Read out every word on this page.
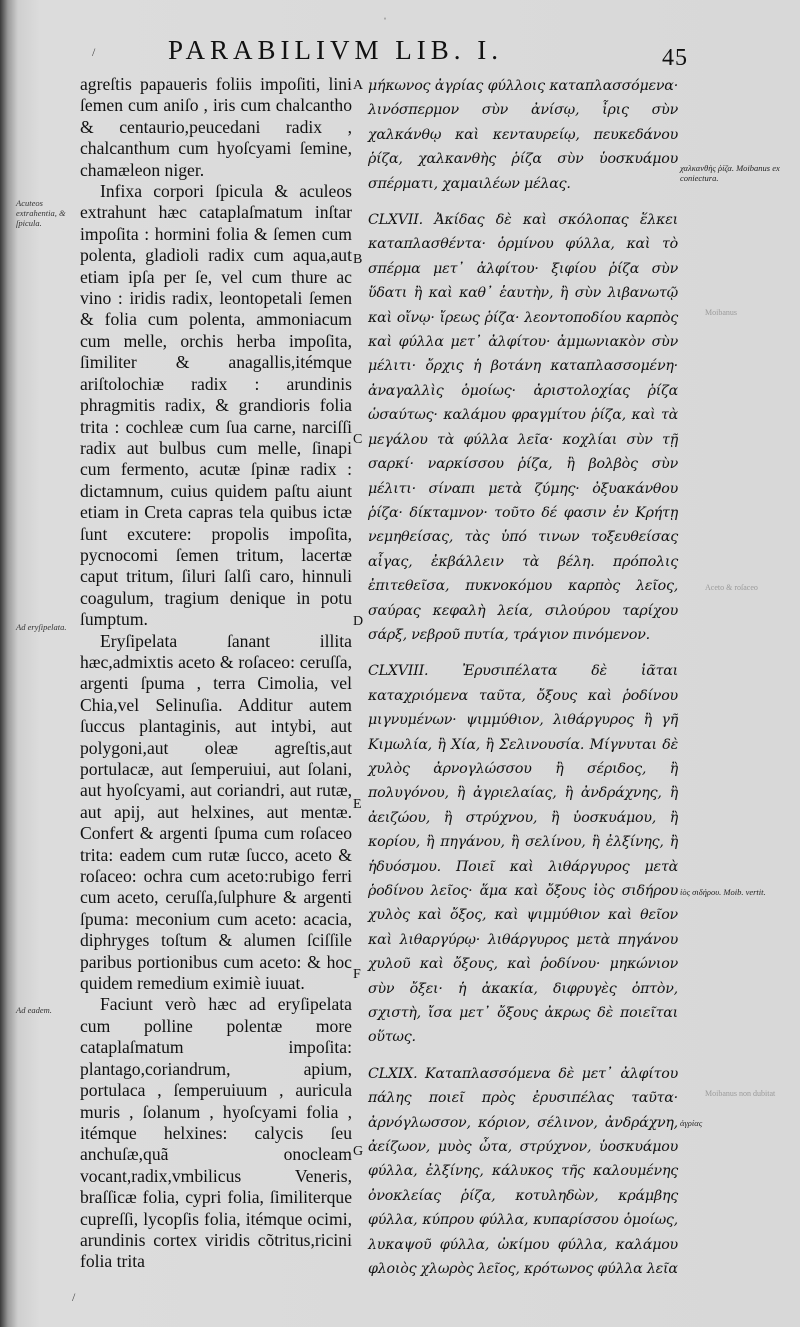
PARABILIVM LIB. I.	45

agreſtis papaueris foliis impoſiti, lini ſemen cum aniſo , iris cum chalcantho & centaurio,peucedani radix , chalcanthum cum hyoſcyami ſemine, chamæleon niger.

Infixa corpori ſpicula & aculeos extrahunt hæc cataplaſmatum inſtar impoſita : hormini folia & ſemen cum polenta, gladioli radix cum aqua,aut etiam ipſa per ſe, vel cum thure ac vino : iridis radix, leontopetali ſemen & folia cum polenta, ammoniacum cum melle, orchis herba impoſita, ſimiliter & anagallis,itémque ariſtolochiæ radix : arundinis phragmitis radix, & grandioris folia trita : cochleæ cum ſua carne, narciſſi radix aut bulbus cum melle, ſinapi cum fermento, acutæ ſpinæ radix : dictamnum, cuius quidem paſtu aiunt etiam in Creta capras tela quibus ictæ ſunt excutere: propolis impoſita, pycnocomi ſemen tritum, lacertæ caput tritum, ſiluri ſalſi caro, hinnuli coagulum, tragium denique in potu ſumptum.

Eryſipelata ſanant illita hæc,admixtis aceto & roſaceo: ceruſſa, argenti ſpuma , terra Cimolia, vel Chia,vel Selinuſia. Additur autem ſuccus plantaginis, aut intybi, aut polygoni,aut oleæ agreſtis,aut portulacæ, aut ſemperuiui, aut ſolani, aut hyoſcyami, aut coriandri, aut rutæ, aut apij, aut helxines, aut mentæ. Confert & argenti ſpuma cum roſaceo trita: eadem cum rutæ ſucco, aceto & roſaceo: ochra cum aceto:rubigo ferri cum aceto, ceruſſa,ſulphure & argenti ſpuma: meconium cum aceto: acacia, diphryges toſtum & alumen ſciſſile paribus portionibus cum aceto: & hoc quidem remedium eximiè iuuat.

Faciunt verò hæc ad eryſipelata cum polline polentæ more cataplaſmatum impoſita: plantago,coriandrum, apium, portulaca , ſemperuiuum , auricula muris , ſolanum , hyoſcyami folia , itémque helxines: calycis ſeu anchuſæ,quã onocleam vocant,radix,vmbilicus Veneris, braſſicæ folia, cypri folia, ſimiliterque cupreſſi, lycopſis folia, itémque ocimi, arundinis cortex viridis cõtritus,ricini folia trita

A
B
C
D
E
F
G

μήκωνος ἀγρίας φύλλοις καταπλασσόμενα· λινόσπερμον σὺν ἀνίσῳ, ἶρις σὺν χαλκάνθῳ καὶ κενταυρείῳ, πευκεδάνου ῥίζα, χαλκανθὴς ῥίζα σὺν ὑοσκυάμου σπέρματι, χαμαιλέων μέλας.

CLXVII. Ἀκίδας δὲ καὶ σκόλοπας ἕλκει καταπλασθέντα· ὁρμίνου φύλλα, καὶ τὸ σπέρμα μετ᾽ ἀλφίτου· ξιφίου ῥίζα σὺν ὕδατι ἢ καὶ καθ᾽ ἑαυτὴν, ἢ σὺν λιβανωτῷ καὶ οἴνῳ· ἴρεως ῥίζα· λεοντοποδίου καρπὸς καὶ φύλλα μετ᾽ ἀλφίτου· ἀμμωνιακὸν σὺν μέλιτι· ὄρχις ἡ βοτάνη καταπλασσομένη· ἀναγαλλὶς ὁμοίως· ἀριστολοχίας ῥίζα ὡσαύτως· καλάμου φραγμίτου ῥίζα, καὶ τὰ μεγάλου τὰ φύλλα λεῖα· κοχλίαι σὺν τῇ σαρκί· ναρκίσσου ῥίζα, ἢ βολβὸς σὺν μέλιτι· σίναπι μετὰ ζύμης· ὀξυακάνθου ῥίζα· δίκταμνον· τοῦτο δέ φασιν ἐν Κρήτῃ νεμηθείσας, τὰς ὑπό τινων τοξευθείσας αἶγας, ἐκβάλλειν τὰ βέλη. πρόπολις ἐπιτεθεῖσα, πυκνοκόμου καρπὸς λεῖος, σαύρας κεφαλὴ λεία, σιλούρου ταρίχου σάρξ, νεβροῦ πυτία, τράγιον πινόμενον.

CLXVIII. Ἐρυσιπέλατα δὲ ἰᾶται καταχριόμενα ταῦτα, ὄξους καὶ ῥοδίνου μιγνυμένων· ψιμμύθιον, λιθάργυρος ἢ γῆ Κιμωλία, ἢ Χία, ἢ Σελινουσία. Μίγνυται δὲ χυλὸς ἀρνογλώσσου ἢ σέριδος, ἢ πολυγόνου, ἢ ἀγριελαίας, ἢ ἀνδράχνης, ἢ ἀειζώου, ἢ στρύχνου, ἢ ὑοσκυάμου, ἢ κορίου, ἢ πηγάνου, ἢ σελίνου, ἢ ἐλξίνης, ἢ ἡδυόσμου. Ποιεῖ καὶ λιθάργυρος μετὰ ῥοδίνου λεῖος· ἅμα καὶ ὄξους ἰὸς σιδήρου χυλὸς καὶ ὄξος, καὶ ψιμμύθιον καὶ θεῖον καὶ λιθαργύρῳ· λιθάργυρος μετὰ πηγάνου χυλοῦ καὶ ὄξους, καὶ ῥοδίνου· μηκώνιον σὺν ὄξει· ἡ ἀκακία, διφρυγὲς ὀπτὸν, σχιστὴ, ἴσα μετ᾽ ὄξους ἀκρως δὲ ποιεῖται οὕτως.

CLXIX. Καταπλασσόμενα δὲ μετ᾽ ἀλφίτου πάλης ποιεῖ πρὸς ἐρυσιπέλας ταῦτα· ἀρνόγλωσσον, κόριον, σέλινον, ἀνδράχνη, ἀείζωον, μυὸς ὦτα, στρύχνον, ὑοσκυάμου φύλλα, ἐλξίνης, κάλυκος τῆς καλουμένης ὀνοκλείας ῥίζα, κοτυληδὼν, κράμβης φύλλα, κύπρου φύλλα, κυπαρίσσου ὁμοίως, λυκαψοῦ φύλλα, ὠκίμου φύλλα, καλάμου φλοιὸς χλωρὸς λεῖος, κρότωνος φύλλα λεῖα

Acuteos extrahentia, & ſpicula.
Ad eryſipelata.
Ad eadem.
χαλκανθὴς ῥίζα. Moibanus ex coniectura.
ἰὸς σιδήρου. Moib. vertit.
ἀγρίας
Moibanus
Aceto & roſaceo
Moibanus non dubitat
ˈ
/
/
